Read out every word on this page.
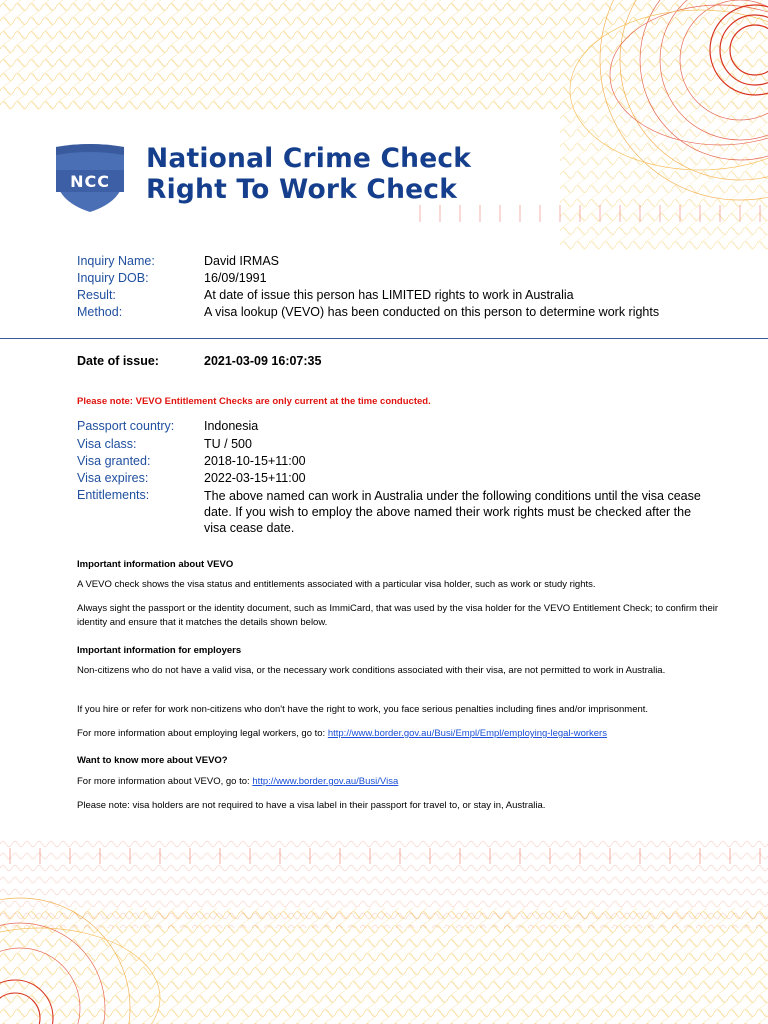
NCC
National Crime Check
Right To Work Check
Inquiry Name:	David IRMAS
Inquiry DOB:	16/09/1991
Result:	At date of issue this person has LIMITED rights to work in Australia
Method:	A visa lookup (VEVO) has been conducted on this person to determine work rights
Date of issue:	2021-03-09 16:07:35
Please note: VEVO Entitlement Checks are only current at the time conducted.
Passport country: Indonesia
Visa class:	TU / 500
Visa granted:	2018-10-15+11:00
Visa expires:	2022-03-15+11:00
Entitlements:	The above named can work in Australia under the following conditions until the visa cease date. If you wish to employ the above named their work rights must be checked after the visa cease date.
Important information about VEVO
A VEVO check shows the visa status and entitlements associated with a particular visa holder, such as work or study rights.
Always sight the passport or the identity document, such as ImmiCard, that was used by the visa holder for the VEVO Entitlement Check; to confirm their identity and ensure that it matches the details shown below.
Important information for employers
Non-citizens who do not have a valid visa, or the necessary work conditions associated with their visa, are not permitted to work in Australia.
If you hire or refer for work non-citizens who don't have the right to work, you face serious penalties including fines and/or imprisonment.
For more information about employing legal workers, go to: http://www.border.gov.au/Busi/Empl/Empl/employing-legal-workers
Want to know more about VEVO?
For more information about VEVO, go to: http://www.border.gov.au/Busi/Visa
Please note: visa holders are not required to have a visa label in their passport for travel to, or stay in, Australia.
